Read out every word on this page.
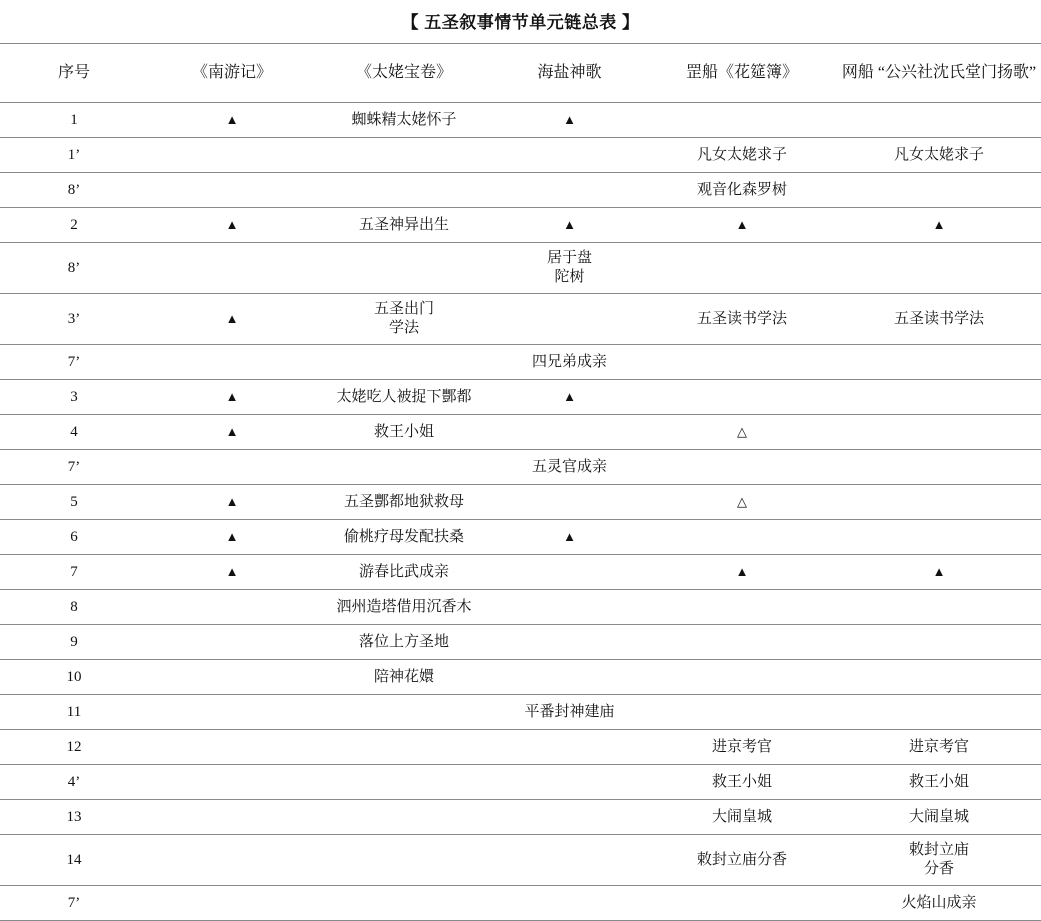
【 五圣叙事情节单元链总表 】
序号	《南游记》	《太姥宝卷》	海盐神歌	罡船《花筵簿》	网船 “公兴社沈氏堂门扬歌”
1	▲	蜘蛛精太姥怀子	▲		
1’				凡女太姥求子	凡女太姥求子
8’				观音化森罗树	
2	▲	五圣神异出生	▲	▲	▲
8’			居于盘
陀树		
3’	▲	五圣出门
学法		五圣读书学法	五圣读书学法
7’			四兄弟成亲		
3	▲	太姥吃人被捉下酆都	▲		
4	▲	救王小姐		△	
7’			五灵官成亲		
5	▲	五圣酆都地狱救母		△	
6	▲	偷桃疗母发配扶桑	▲		
7	▲	游春比武成亲		▲	▲
8		泗州造塔借用沉香木			
9		落位上方圣地			
10		陪神花嬛			
11			平番封神建庙		
12				进京考官	进京考官
4’				救王小姐	救王小姐
13				大闹皇城	大闹皇城
14				敕封立庙分香	敕封立庙
分香
7’					火焰山成亲
